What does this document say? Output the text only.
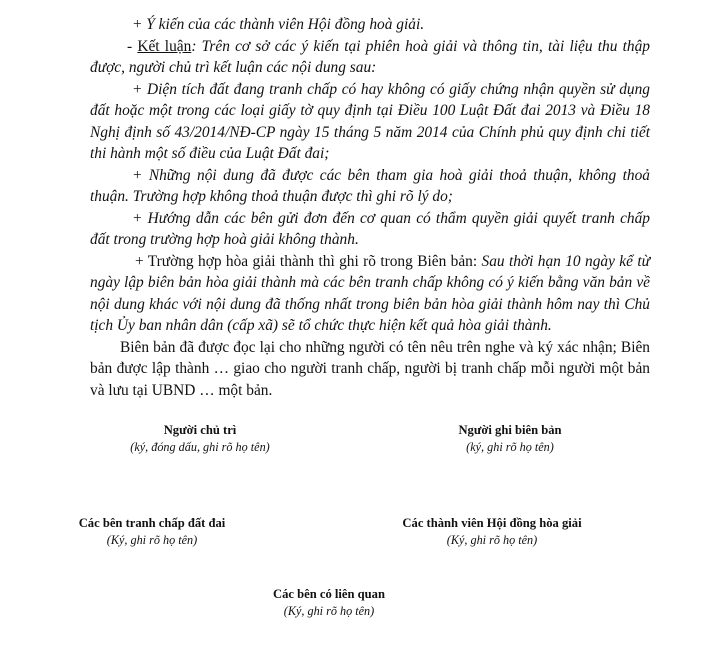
+ Ý kiến của các thành viên Hội đồng hoà giải.

- Kết luận: Trên cơ sở các ý kiến tại phiên hoà giải và thông tin, tài liệu thu thập được, người chủ trì kết luận các nội dung sau:

+ Diện tích đất đang tranh chấp có hay không có giấy chứng nhận quyền sử dụng đất hoặc một trong các loại giấy tờ quy định tại Điều 100 Luật Đất đai 2013 và Điều 18 Nghị định số 43/2014/NĐ-CP ngày 15 tháng 5 năm 2014 của Chính phủ quy định chi tiết thi hành một số điều của Luật Đất đai;

+ Những nội dung đã được các bên tham gia hoà giải thoả thuận, không thoả thuận. Trường hợp không thoả thuận được thì ghi rõ lý do;

+ Hướng dẫn các bên gửi đơn đến cơ quan có thẩm quyền giải quyết tranh chấp đất trong trường hợp hoà giải không thành.

+ Trường hợp hòa giải thành thì ghi rõ trong Biên bản: Sau thời hạn 10 ngày kể từ ngày lập biên bản hòa giải thành mà các bên tranh chấp không có ý kiến bằng văn bản về nội dung khác với nội dung đã thống nhất trong biên bản hòa giải thành hôm nay thì Chủ tịch Ủy ban nhân dân (cấp xã) sẽ tổ chức thực hiện kết quả hòa giải thành.

Biên bản đã được đọc lại cho những người có tên nêu trên nghe và ký xác nhận; Biên bản được lập thành … giao cho người tranh chấp, người bị tranh chấp mỗi người một bản và lưu tại UBND … một bản.

Người chủ trì
(ký, đóng dấu, ghi rõ họ tên)
Người ghi biên bản
(ký, ghi rõ họ tên)
Các bên tranh chấp đất đai
(Ký, ghi rõ họ tên)
Các thành viên Hội đồng hòa giải
(Ký, ghi rõ họ tên)
Các bên có liên quan
(Ký, ghi rõ họ tên)
